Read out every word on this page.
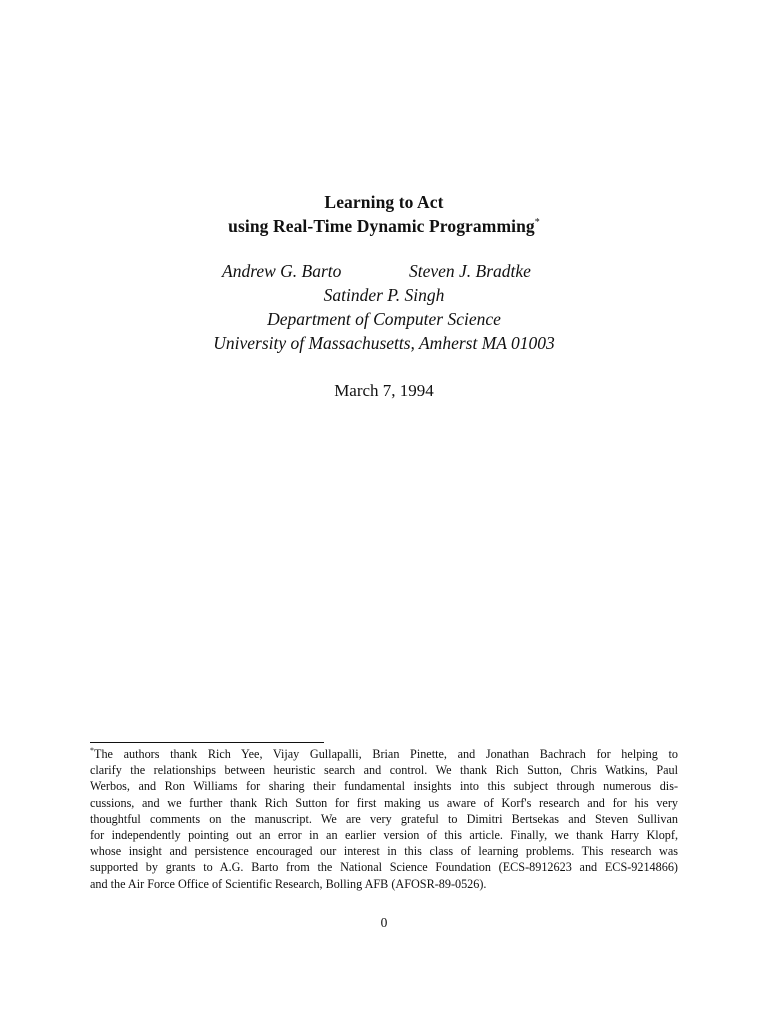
Learning to Act
using Real-Time Dynamic Programming*
Andrew G. Barto	Steven J. Bradtke
Satinder P. Singh
Department of Computer Science
University of Massachusetts, Amherst MA 01003
March 7, 1994
*The authors thank Rich Yee, Vijay Gullapalli, Brian Pinette, and Jonathan Bachrach for helping to
clarify the relationships between heuristic search and control. We thank Rich Sutton, Chris Watkins, Paul
Werbos, and Ron Williams for sharing their fundamental insights into this subject through numerous dis-
cussions, and we further thank Rich Sutton for first making us aware of Korf's research and for his very
thoughtful comments on the manuscript. We are very grateful to Dimitri Bertsekas and Steven Sullivan
for independently pointing out an error in an earlier version of this article. Finally, we thank Harry Klopf,
whose insight and persistence encouraged our interest in this class of learning problems. This research was
supported by grants to A.G. Barto from the National Science Foundation (ECS-8912623 and ECS-9214866)
and the Air Force Office of Scientific Research, Bolling AFB (AFOSR-89-0526).
0
